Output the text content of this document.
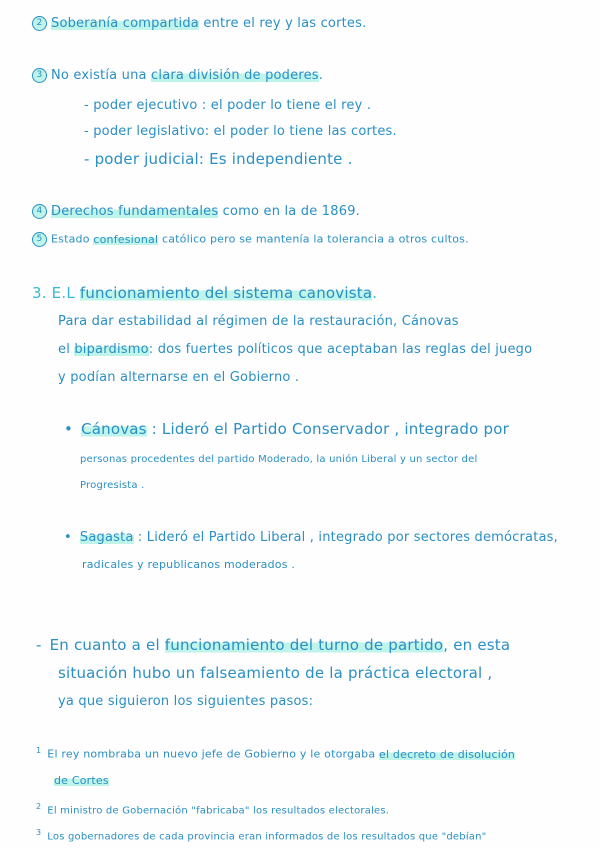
2 Soberanía compartida entre el rey y las cortes.
3 No existía una clara división de poderes.
- poder ejecutivo : el poder lo tiene el rey .
- poder legislativo: el poder lo tiene las cortes.
- poder judicial: Es independiente .
4 Derechos fundamentales como en la de 1869.
5 Estado confesional católico pero se mantenía la tolerancia a otros cultos.
3. E.L funcionamiento del sistema canovista.
Para dar estabilidad al régimen de la restauración, Cánovas
el bipardismo: dos fuertes políticos que aceptaban las reglas del juego
y podían alternarse en el Gobierno .
• Cánovas : Lideró el Partido Conservador , integrado por
personas procedentes del partido Moderado, la unión Liberal y un sector del
Progresista .
• Sagasta : Lideró el Partido Liberal , integrado por sectores demócratas,
radicales y republicanos moderados .
- En cuanto a el funcionamiento del turno de partido, en esta
situación hubo un falseamiento de la práctica electoral ,
ya que siguieron los siguientes pasos:
$^1$ El rey nombraba un nuevo jefe de Gobierno y le otorgaba el decreto de disolución
de Cortes
$^2$ El ministro de Gobernación "fabricaba" los resultados electorales.
$^3$ Los gobernadores de cada provincia eran informados de los resultados que "debían"
